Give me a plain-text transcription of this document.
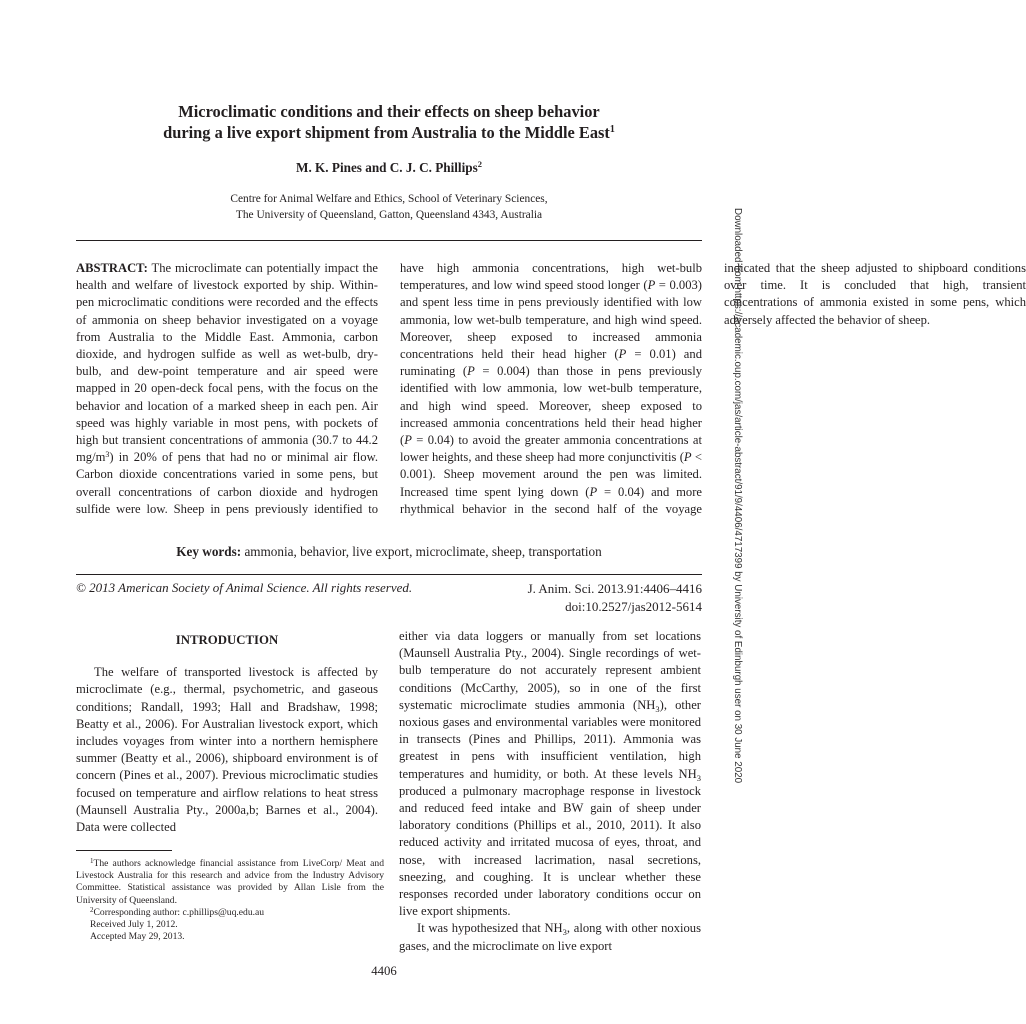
Microclimatic conditions and their effects on sheep behavior
during a live export shipment from Australia to the Middle East$^1$
M. K. Pines and C. J. C. Phillips$^2$
Centre for Animal Welfare and Ethics, School of Veterinary Sciences,
The University of Queensland, Gatton, Queensland 4343, Australia

ABSTRACT: The microclimate can potentially impact the health and welfare of livestock exported by ship. Within-pen microclimatic conditions were recorded and the effects of ammonia on sheep behavior investigated on a voyage from Australia to the Middle East. Ammonia, carbon dioxide, and hydrogen sulfide as well as wet-bulb, dry-bulb, and dew-point temperature and air speed were mapped in 20 open-deck focal pens, with the focus on the behavior and location of a marked sheep in each pen. Air speed was highly variable in most pens, with pockets of high but transient concentrations of ammonia (30.7 to 44.2 $mg/m^3$) in 20% of pens that had no or minimal air flow. Carbon dioxide concentrations varied in some pens, but overall concentrations of carbon dioxide and hydrogen sulfide were low. Sheep in pens previously identified to have high ammonia concentrations, high wet-bulb temperatures, and low wind speed stood longer (P = 0.003) and spent less time in pens previously identified with low ammonia, low wet-bulb temperature, and high wind speed. Moreover, sheep exposed to increased ammonia concentrations held their head higher (P = 0.01) and ruminating (P = 0.004) than those in pens previously identified with low ammonia, low wet-bulb temperature, and high wind speed. Moreover, sheep exposed to increased ammonia concentrations held their head higher (P = 0.04) to avoid the greater ammonia concentrations at lower heights, and these sheep had more conjunctivitis (P < 0.001). Sheep movement around the pen was limited. Increased time spent lying down (P = 0.04) and more rhythmical behavior in the second half of the voyage indicated that the sheep adjusted to shipboard conditions over time. It is concluded that high, transient concentrations of ammonia existed in some pens, which adversely affected the behavior of sheep.

Key words: ammonia, behavior, live export, microclimate, sheep, transportation
© 2013 American Society of Animal Science. All rights reserved.	J. Anim. Sci. 2013.91:4406–4416
doi:10.2527/jas2012-5614

INTRODUCTION

The welfare of transported livestock is affected by microclimate (e.g., thermal, psychometric, and gaseous conditions; Randall, 1993; Hall and Bradshaw, 1998; Beatty et al., 2006). For Australian livestock export, which includes voyages from winter into a northern hemisphere summer (Beatty et al., 2006), shipboard environment is of concern (Pines et al., 2007). Previous microclimatic studies focused on temperature and airflow relations to heat stress (Maunsell Australia Pty., 2000a,b; Barnes et al., 2004). Data were collected

either via data loggers or manually from set locations (Maunsell Australia Pty., 2004). Single recordings of wet-bulb temperature do not accurately represent ambient conditions (McCarthy, 2005), so in one of the first systematic microclimate studies ammonia $(NH_3)$, other noxious gases and environmental variables were monitored in transects (Pines and Phillips, 2011). Ammonia was greatest in pens with insufficient ventilation, high temperatures and humidity, or both. At these levels $NH_3$ produced a pulmonary macrophage response in livestock and reduced feed intake and BW gain of sheep under laboratory conditions (Phillips et al., 2010, 2011). It also reduced activity and irritated mucosa of eyes, throat, and nose, with increased lacrimation, nasal secretions, sneezing, and coughing. It is unclear whether these responses recorded under laboratory conditions occur on live export shipments.

It was hypothesized that $NH_3$, along with other noxious gases, and the microclimate on live export

$^1$The authors acknowledge financial assistance from LiveCorp/ Meat and Livestock Australia for this research and advice from the Industry Advisory Committee. Statistical assistance was provided by Allan Lisle from the University of Queensland.

$^2$Corresponding author: c.phillips@uq.edu.au

Received July 1, 2012.

Accepted May 29, 2013.

4406
Downloaded from https://academic.oup.com/jas/article-abstract/91/9/4406/4717399 by University of Edinburgh user on 30 June 2020
